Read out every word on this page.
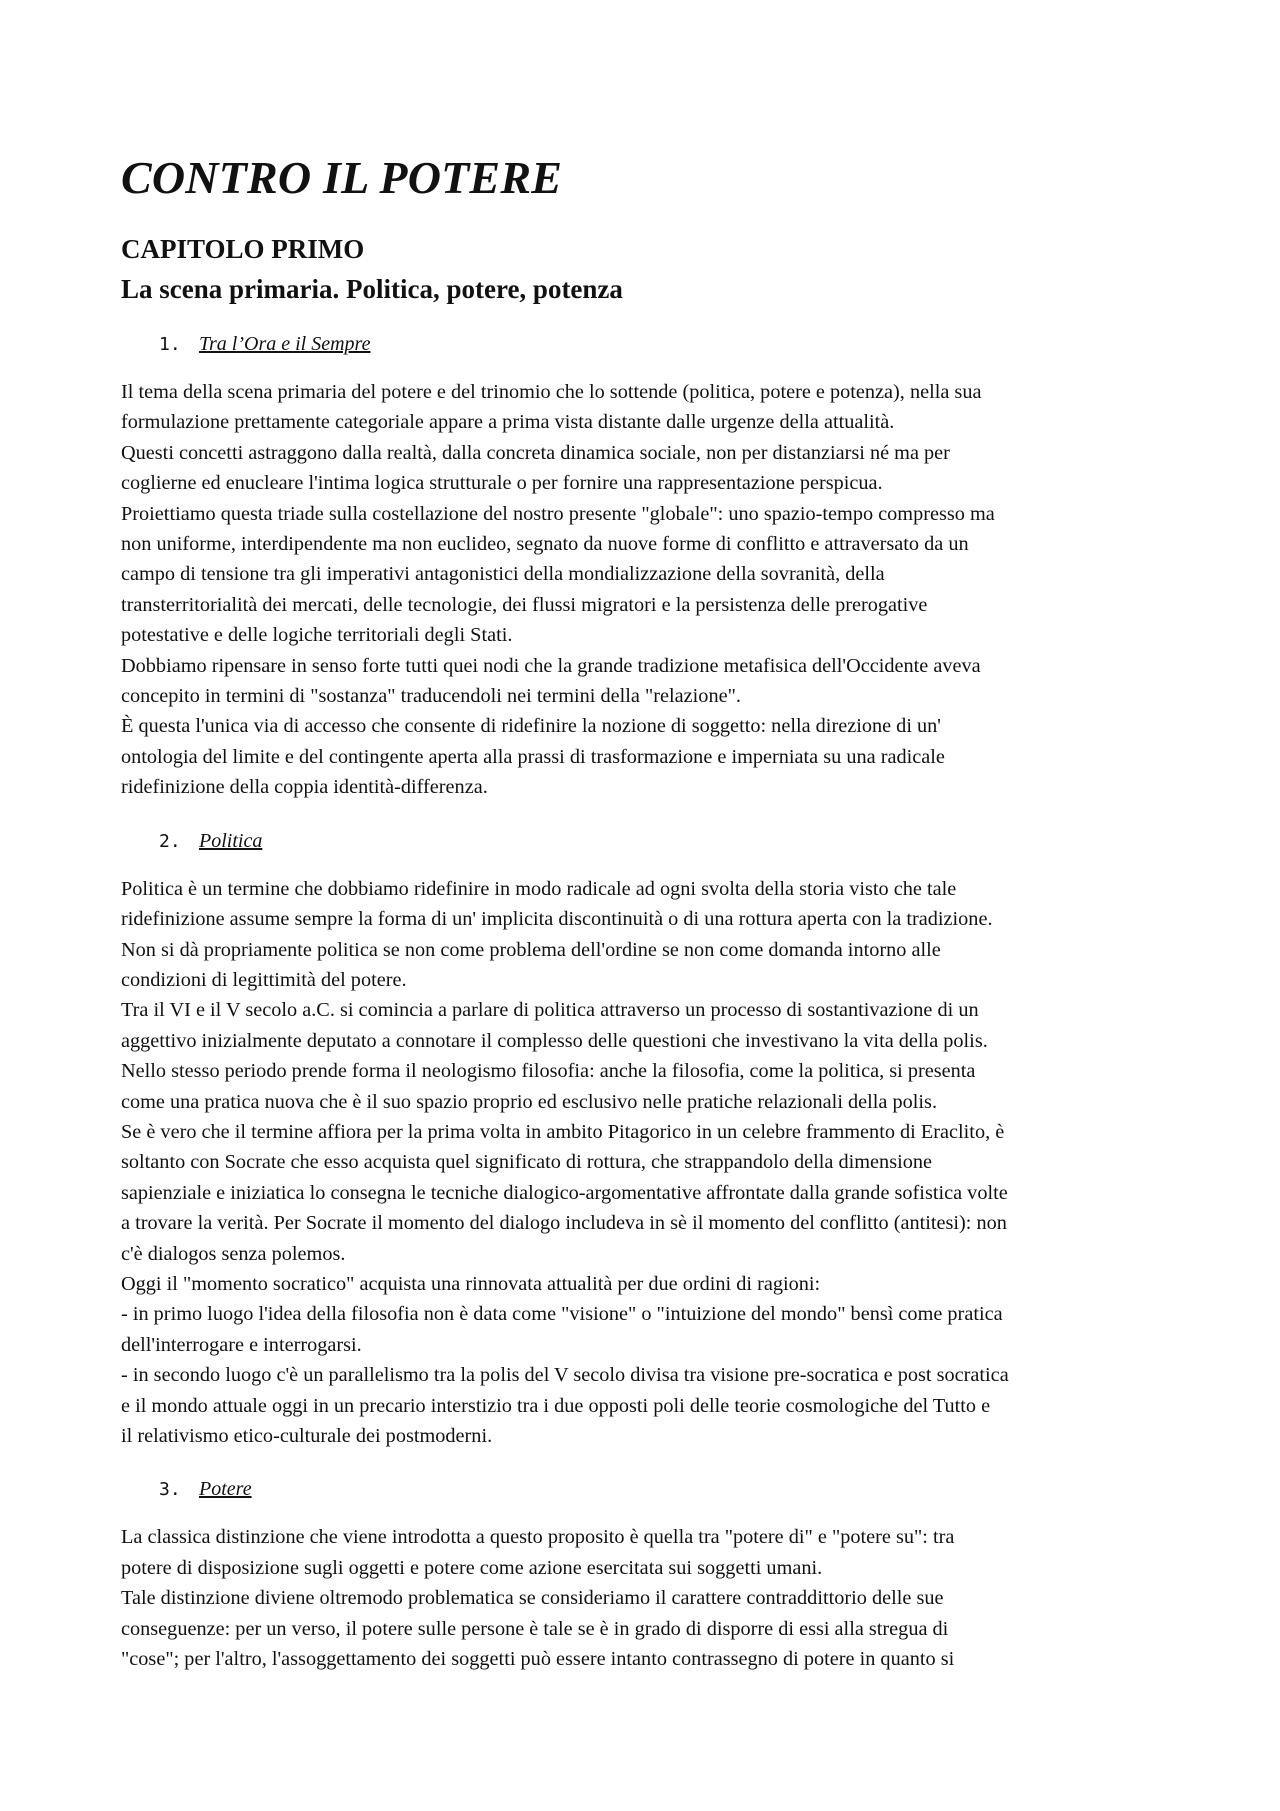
CONTRO IL POTERE
CAPITOLO PRIMO
La scena primaria. Politica, potere, potenza
1. Tra l’Ora e il Sempre

Il tema della scena primaria del potere e del trinomio che lo sottende (politica, potere e potenza), nella sua

formulazione prettamente categoriale appare a prima vista distante dalle urgenze della attualità.

Questi concetti astraggono dalla realtà, dalla concreta dinamica sociale, non per distanziarsi né ma per

coglierne ed enucleare l'intima logica strutturale o per fornire una rappresentazione perspicua.

Proiettiamo questa triade sulla costellazione del nostro presente "globale": uno spazio-tempo compresso ma

non uniforme, interdipendente ma non euclideo, segnato da nuove forme di conflitto e attraversato da un

campo di tensione tra gli imperativi antagonistici della mondializzazione della sovranità, della

transterritorialità dei mercati, delle tecnologie, dei flussi migratori e la persistenza delle prerogative

potestative e delle logiche territoriali degli Stati.

Dobbiamo ripensare in senso forte tutti quei nodi che la grande tradizione metafisica dell'Occidente aveva

concepito in termini di "sostanza" traducendoli nei termini della "relazione".

È questa l'unica via di accesso che consente di ridefinire la nozione di soggetto: nella direzione di un'

ontologia del limite e del contingente aperta alla prassi di trasformazione e imperniata su una radicale

ridefinizione della coppia identità-differenza.

2. Politica

Politica è un termine che dobbiamo ridefinire in modo radicale ad ogni svolta della storia visto che tale

ridefinizione assume sempre la forma di un' implicita discontinuità o di una rottura aperta con la tradizione.

Non si dà propriamente politica se non come problema dell'ordine se non come domanda intorno alle

condizioni di legittimità del potere.

Tra il VI e il V secolo a.C. si comincia a parlare di politica attraverso un processo di sostantivazione di un

aggettivo inizialmente deputato a connotare il complesso delle questioni che investivano la vita della polis.

Nello stesso periodo prende forma il neologismo filosofia: anche la filosofia, come la politica, si presenta

come una pratica nuova che è il suo spazio proprio ed esclusivo nelle pratiche relazionali della polis.

Se è vero che il termine affiora per la prima volta in ambito Pitagorico in un celebre frammento di Eraclito, è

soltanto con Socrate che esso acquista quel significato di rottura, che strappandolo della dimensione

sapienziale e iniziatica lo consegna le tecniche dialogico-argomentative affrontate dalla grande sofistica volte

a trovare la verità. Per Socrate il momento del dialogo includeva in sè il momento del conflitto (antitesi): non

c'è dialogos senza polemos.

Oggi il "momento socratico" acquista una rinnovata attualità per due ordini di ragioni:

- in primo luogo l'idea della filosofia non è data come "visione" o "intuizione del mondo" bensì come pratica

dell'interrogare e interrogarsi.

- in secondo luogo c'è un parallelismo tra la polis del V secolo divisa tra visione pre-socratica e post socratica

e il mondo attuale oggi in un precario interstizio tra i due opposti poli delle teorie cosmologiche del Tutto e

il relativismo etico-culturale dei postmoderni.

3. Potere

La classica distinzione che viene introdotta a questo proposito è quella tra "potere di" e "potere su": tra

potere di disposizione sugli oggetti e potere come azione esercitata sui soggetti umani.

Tale distinzione diviene oltremodo problematica se consideriamo il carattere contraddittorio delle sue

conseguenze: per un verso, il potere sulle persone è tale se è in grado di disporre di essi alla stregua di

"cose"; per l'altro, l'assoggettamento dei soggetti può essere intanto contrassegno di potere in quanto si
